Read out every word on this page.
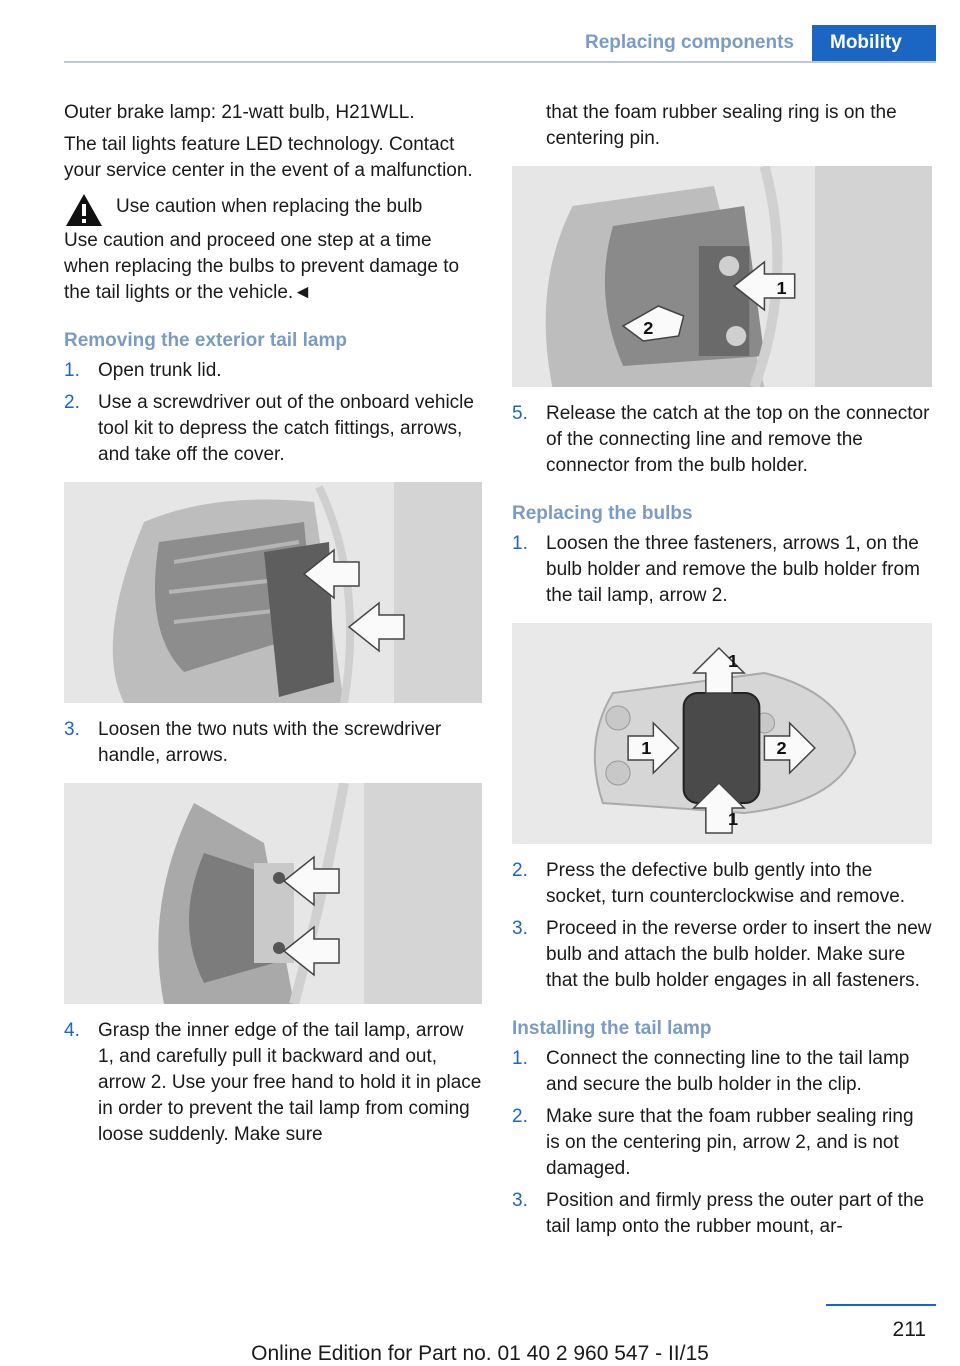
Replacing components	Mobility

Outer brake lamp: 21-watt bulb, H21WLL.

The tail lights feature LED technology. Contact your service center in the event of a malfunction.

Use caution when replacing the bulb
Use caution and proceed one step at a time when replacing the bulbs to prevent damage to the tail lights or the vehicle.◄
Removing the exterior tail lamp
1. Open trunk lid.
2. Use a screwdriver out of the onboard vehicle tool kit to depress the catch fittings, arrows, and take off the cover.
3. Loosen the two nuts with the screwdriver handle, arrows.
4. Grasp the inner edge of the tail lamp, arrow 1, and carefully pull it backward and out, arrow 2. Use your free hand to hold it in place in order to prevent the tail lamp from coming loose suddenly. Make sure

that the foam rubber sealing ring is on the centering pin.

2
1
5. Release the catch at the top on the connector of the connecting line and remove the connector from the bulb holder.
Replacing the bulbs
1. Loosen the three fasteners, arrows 1, on the bulb holder and remove the bulb holder from the tail lamp, arrow 2.
1
1	2
1
2. Press the defective bulb gently into the socket, turn counterclockwise and remove.
3. Proceed in the reverse order to insert the new bulb and attach the bulb holder. Make sure that the bulb holder engages in all fasteners.
Installing the tail lamp
1. Connect the connecting line to the tail lamp and secure the bulb holder in the clip.
2. Make sure that the foam rubber sealing ring is on the centering pin, arrow 2, and is not damaged.
3. Position and firmly press the outer part of the tail lamp onto the rubber mount, ar-
211
Online Edition for Part no. 01 40 2 960 547 - II/15
